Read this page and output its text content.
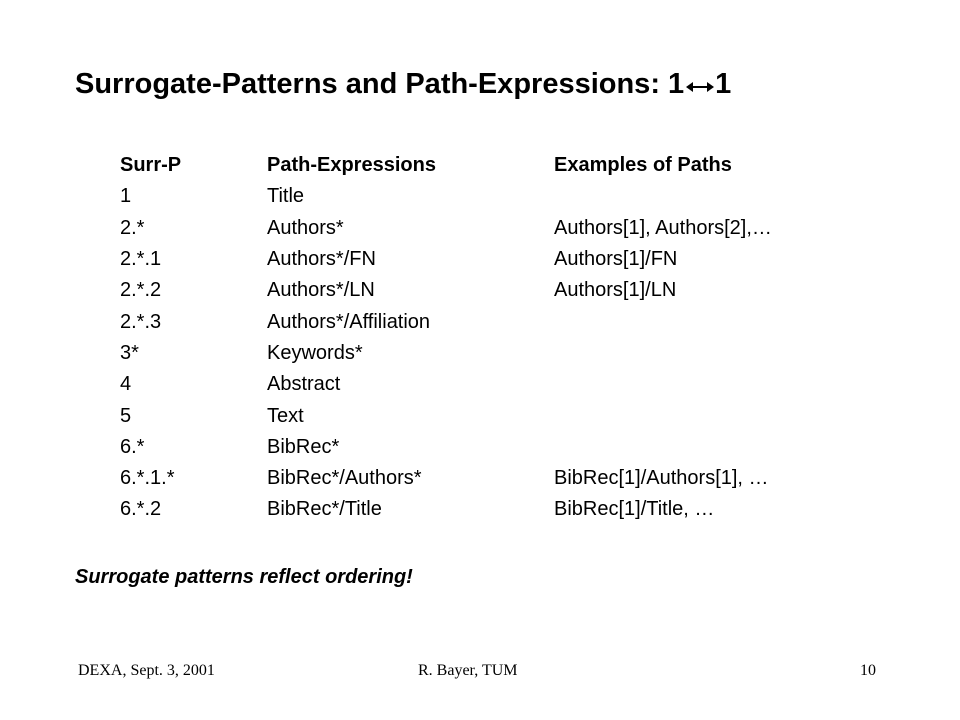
Surrogate-Patterns and Path-Expressions: 1 1
Surr-P	Path-Expressions	Examples of Paths
1	Title	
2.*	Authors*	Authors[1], Authors[2],…
2.*.1	Authors*/FN	Authors[1]/FN
2.*.2	Authors*/LN	Authors[1]/LN
2.*.3	Authors*/Affiliation	
3*	Keywords*	
4	Abstract	
5	Text	
6.*	BibRec*	
6.*.1.*	BibRec*/Authors*	BibRec[1]/Authors[1], …
6.*.2	BibRec*/Title	BibRec[1]/Title, …
Surrogate patterns reflect ordering!
DEXA, Sept. 3, 2001	R. Bayer, TUM	10
